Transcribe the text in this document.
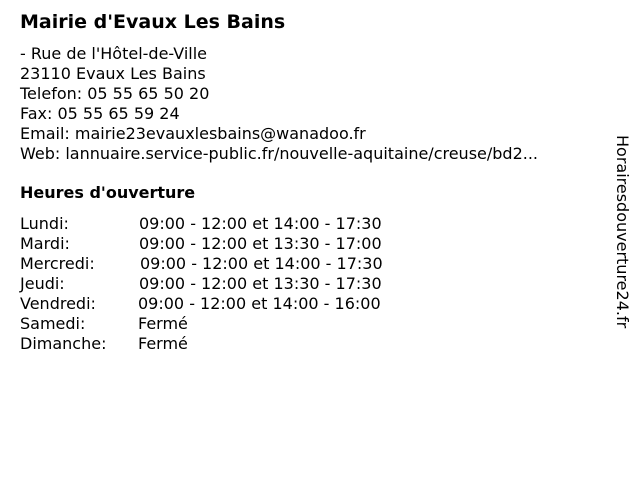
Mairie d'Evaux Les Bains
- Rue de l'Hôtel-de-Ville
23110 Evaux Les Bains
Telefon: 05 55 65 50 20
Fax: 05 55 65 59 24
Email: mairie23evauxlesbains@wanadoo.fr
Web: lannuaire.service-public.fr/nouvelle-aquitaine/creuse/bd2...
Heures d'ouverture
Lundi:	09:00 - 12:00 et 14:00 - 17:30
Mardi:	09:00 - 12:00 et 13:30 - 17:00
Mercredi:	09:00 - 12:00 et 14:00 - 17:30
Jeudi:	09:00 - 12:00 et 13:30 - 17:30
Vendredi:	09:00 - 12:00 et 14:00 - 16:00
Samedi:	Fermé
Dimanche: Fermé
Horairesdouverture24.fr
